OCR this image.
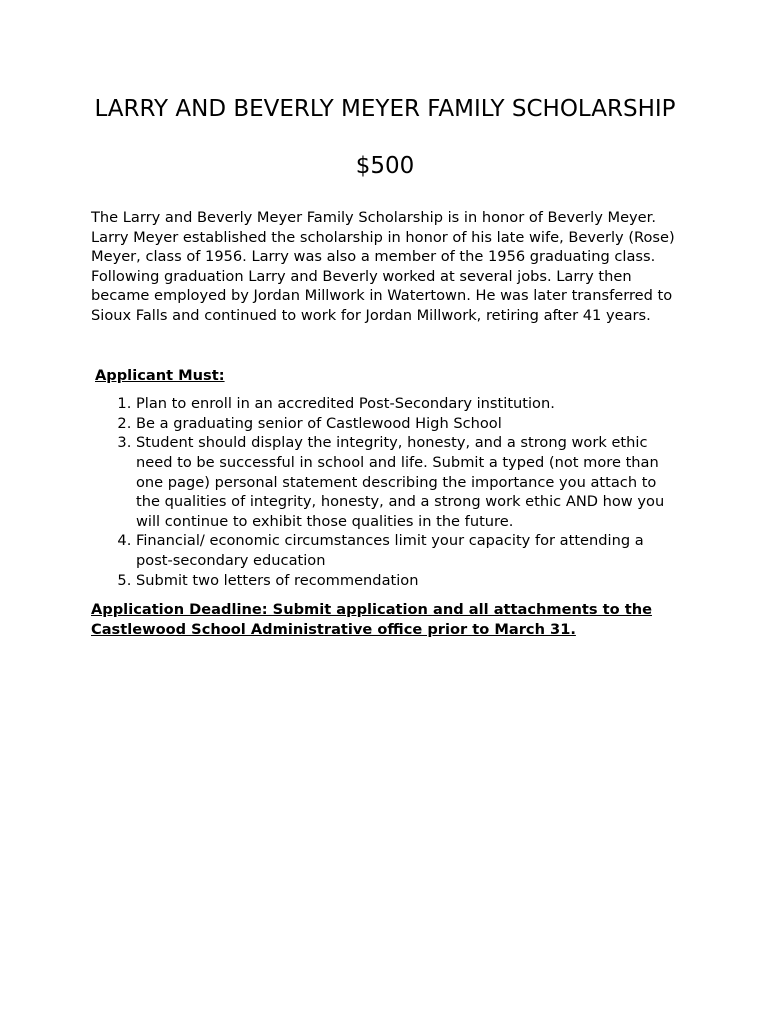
LARRY AND BEVERLY MEYER FAMILY SCHOLARSHIP
$500

The Larry and Beverly Meyer Family Scholarship is in honor of Beverly Meyer. Larry Meyer established the scholarship in honor of his late wife, Beverly (Rose) Meyer, class of 1956. Larry was also a member of the 1956 graduating class. Following graduation Larry and Beverly worked at several jobs. Larry then became employed by Jordan Millwork in Watertown. He was later transferred to Sioux Falls and continued to work for Jordan Millwork, retiring after 41 years.

Applicant Must:
1. Plan to enroll in an accredited Post-Secondary institution.
2. Be a graduating senior of Castlewood High School
3. Student should display the integrity, honesty, and a strong work ethic need to be successful in school and life. Submit a typed (not more than one page) personal statement describing the importance you attach to the qualities of integrity, honesty, and a strong work ethic AND how you will continue to exhibit those qualities in the future.
4. Financial/ economic circumstances limit your capacity for attending a post-secondary education
5. Submit two letters of recommendation
Application Deadline: Submit application and all attachments to the Castlewood School Administrative office prior to March 31.
